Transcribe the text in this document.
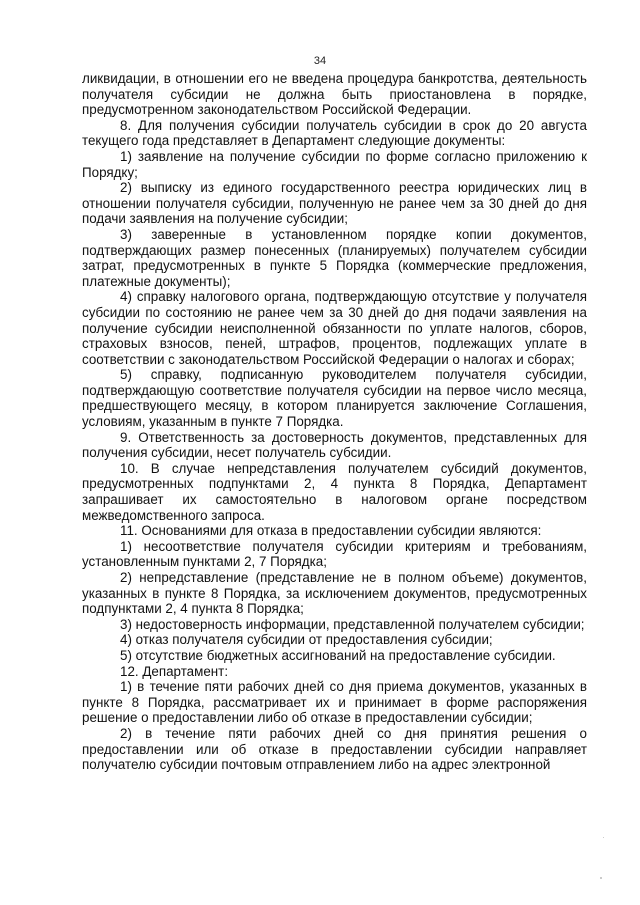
34

ликвидации, в отношении его не введена процедура банкротства, деятельность получателя субсидии не должна быть приостановлена в порядке, предусмотренном законодательством Российской Федерации.

8. Для получения субсидии получатель субсидии в срок до 20 августа текущего года представляет в Департамент следующие документы:

1) заявление на получение субсидии по форме согласно приложению к Порядку;

2) выписку из единого государственного реестра юридических лиц в отношении получателя субсидии, полученную не ранее чем за 30 дней до дня подачи заявления на получение субсидии;

3) заверенные в установленном порядке копии документов, подтверждающих размер понесенных (планируемых) получателем субсидии затрат, предусмотренных в пункте 5 Порядка (коммерческие предложения, платежные документы);

4) справку налогового органа, подтверждающую отсутствие у получателя субсидии по состоянию не ранее чем за 30 дней до дня подачи заявления на получение субсидии неисполненной обязанности по уплате налогов, сборов, страховых взносов, пеней, штрафов, процентов, подлежащих уплате в соответствии с законодательством Российской Федерации о налогах и сборах;

5) справку, подписанную руководителем получателя субсидии, подтверждающую соответствие получателя субсидии на первое число месяца, предшествующего месяцу, в котором планируется заключение Соглашения, условиям, указанным в пункте 7 Порядка.

9. Ответственность за достоверность документов, представленных для получения субсидии, несет получатель субсидии.

10. В случае непредставления получателем субсидий документов, предусмотренных подпунктами 2, 4 пункта 8 Порядка, Департамент запрашивает их самостоятельно в налоговом органе посредством межведомственного запроса.

11. Основаниями для отказа в предоставлении субсидии являются:

1) несоответствие получателя субсидии критериям и требованиям, установленным пунктами 2, 7 Порядка;

2) непредставление (представление не в полном объеме) документов, указанных в пункте 8 Порядка, за исключением документов, предусмотренных подпунктами 2, 4 пункта 8 Порядка;

3) недостоверность информации, представленной получателем субсидии;

4) отказ получателя субсидии от предоставления субсидии;

5) отсутствие бюджетных ассигнований на предоставление субсидии.

12. Департамент:

1) в течение пяти рабочих дней со дня приема документов, указанных в пункте 8 Порядка, рассматривает их и принимает в форме распоряжения решение о предоставлении либо об отказе в предоставлении субсидии;

2) в течение пяти рабочих дней со дня принятия решения о предоставлении или об отказе в предоставлении субсидии направляет получателю субсидии почтовым отправлением либо на адрес электронной
